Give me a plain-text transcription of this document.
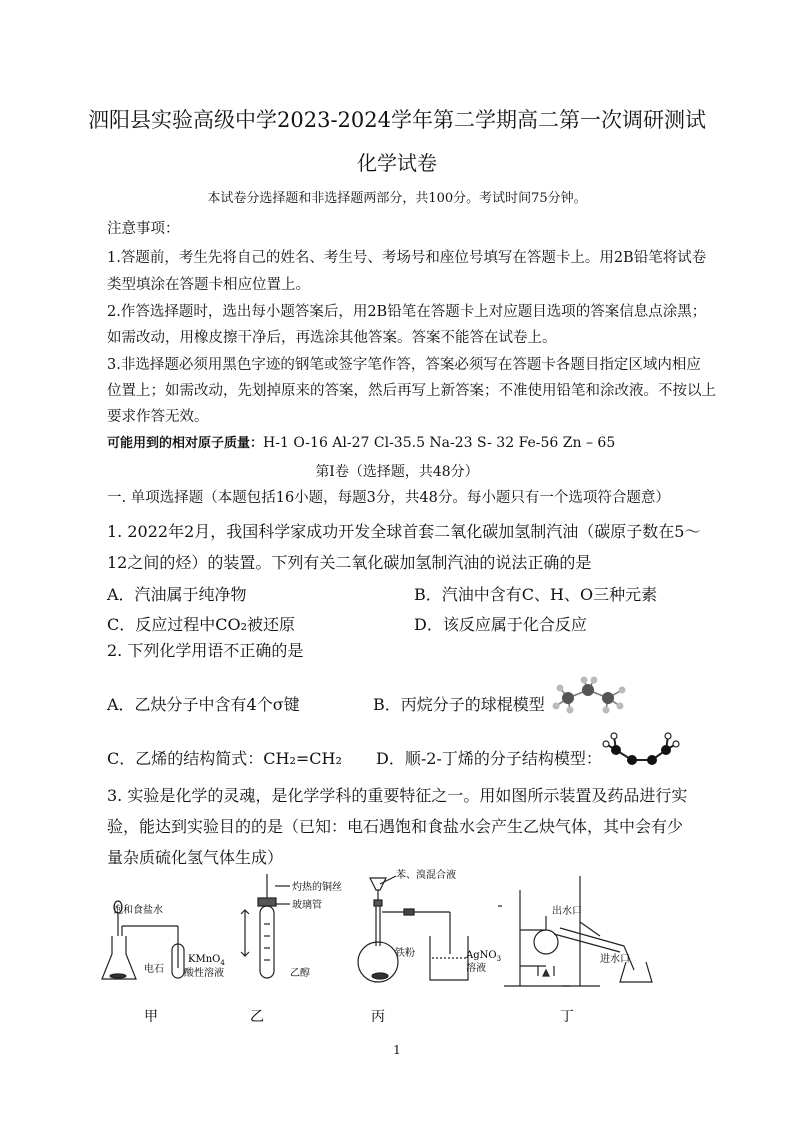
泗阳县实验高级中学2023-2024学年第二学期高二第一次调研测试
化学试卷
本试卷分选择题和非选择题两部分，共100分。考试时间75分钟。
注意事项：
1.答题前，考生先将自己的姓名、考生号、考场号和座位号填写在答题卡上。用2B铅笔将试卷
类型填涂在答题卡相应位置上。
2.作答选择题时，选出每小题答案后，用2B铅笔在答题卡上对应题目选项的答案信息点涂黑；
如需改动，用橡皮擦干净后，再选涂其他答案。答案不能答在试卷上。
3.非选择题必须用黑色字迹的钢笔或签字笔作答，答案必须写在答题卡各题目指定区域内相应
位置上；如需改动，先划掉原来的答案，然后再写上新答案；不准使用铅笔和涂改液。不按以上
要求作答无效。
可能用到的相对原子质量：H-1 O-16 Al-27 Cl-35.5 Na-23 S- 32 Fe-56 Zn – 65
第Ⅰ卷（选择题，共48分）
一. 单项选择题（本题包括16小题，每题3分，共48分。每小题只有一个选项符合题意）
1. 2022年2月，我国科学家成功开发全球首套二氧化碳加氢制汽油（碳原子数在5～
12之间的烃）的装置。下列有关二氧化碳加氢制汽油的说法正确的是
A．汽油属于纯净物	B．汽油中含有C、H、O三种元素
C．反应过程中CO₂被还原	D．该反应属于化合反应
2. 下列化学用语不正确的是
A．乙炔分子中含有4个σ键	B．丙烷分子的球棍模型
C．乙烯的结构简式：CH₂=CH₂ D．顺-2-丁烯的分子结构模型：
3. 实验是化学的灵魂，是化学学科的重要特征之一。用如图所示装置及药品进行实
验，能达到实验目的的是（已知：电石遇饱和食盐水会产生乙炔气体，其中会有少
量杂质硫化氢气体生成）
饱和食盐水
电石
KMnO$_4$
酸性溶液
甲
灼热的铜丝
玻璃管
乙醇
乙
苯、溴混合液
铁粉	AgNO$_3$
溶液
丙
出水口
进水口
丁
1
